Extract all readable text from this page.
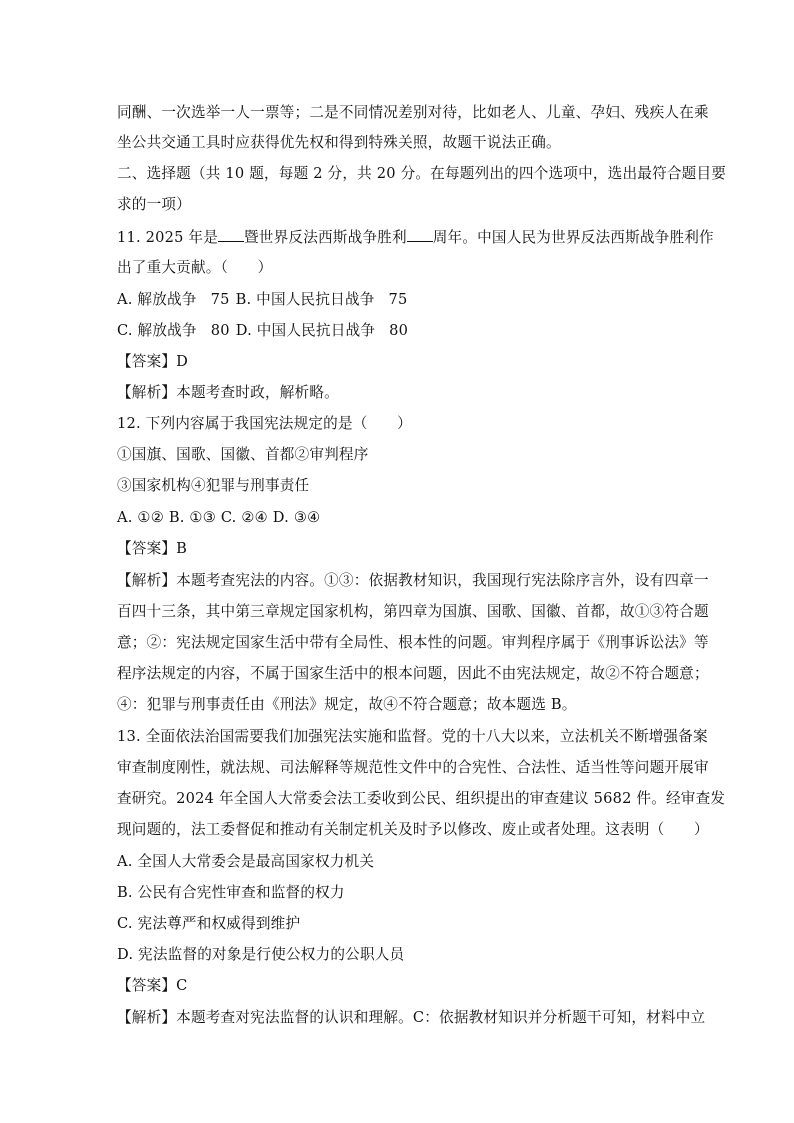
同酬、一次选举一人一票等；二是不同情况差别对待，比如老人、儿童、孕妇、残疾人在乘
坐公共交通工具时应获得优先权和得到特殊关照，故题干说法正确。
二、选择题（共 10 题，每题 2 分，共 20 分。在每题列出的四个选项中，选出最符合题目要
求的一项）
11. 2025 年是 暨世界反法西斯战争胜利 周年。中国人民为世界反法西斯战争胜利作
出了重大贡献。（　　）
A. 解放战争 75 B. 中国人民抗日战争 75
C. 解放战争 80 D. 中国人民抗日战争 80
【答案】D
【解析】本题考查时政，解析略。
12. 下列内容属于我国宪法规定的是（　　）
①国旗、国歌、国徽、首都②审判程序
③国家机构④犯罪与刑事责任
A. ①② B. ①③ C. ②④ D. ③④
【答案】B
【解析】本题考查宪法的内容。①③：依据教材知识，我国现行宪法除序言外，设有四章一
百四十三条，其中第三章规定国家机构，第四章为国旗、国歌、国徽、首都，故①③符合题
意；②：宪法规定国家生活中带有全局性、根本性的问题。审判程序属于《刑事诉讼法》等
程序法规定的内容，不属于国家生活中的根本问题，因此不由宪法规定，故②不符合题意；
④：犯罪与刑事责任由《刑法》规定，故④不符合题意；故本题选 B。
13. 全面依法治国需要我们加强宪法实施和监督。党的十八大以来，立法机关不断增强备案
审查制度刚性，就法规、司法解释等规范性文件中的合宪性、合法性、适当性等问题开展审
查研究。2024 年全国人大常委会法工委收到公民、组织提出的审查建议 5682 件。经审查发
现问题的，法工委督促和推动有关制定机关及时予以修改、废止或者处理。这表明（　　）
A. 全国人大常委会是最高国家权力机关
B. 公民有合宪性审查和监督的权力
C. 宪法尊严和权威得到维护
D. 宪法监督的对象是行使公权力的公职人员
【答案】C
【解析】本题考查对宪法监督的认识和理解。C：依据教材知识并分析题干可知，材料中立
